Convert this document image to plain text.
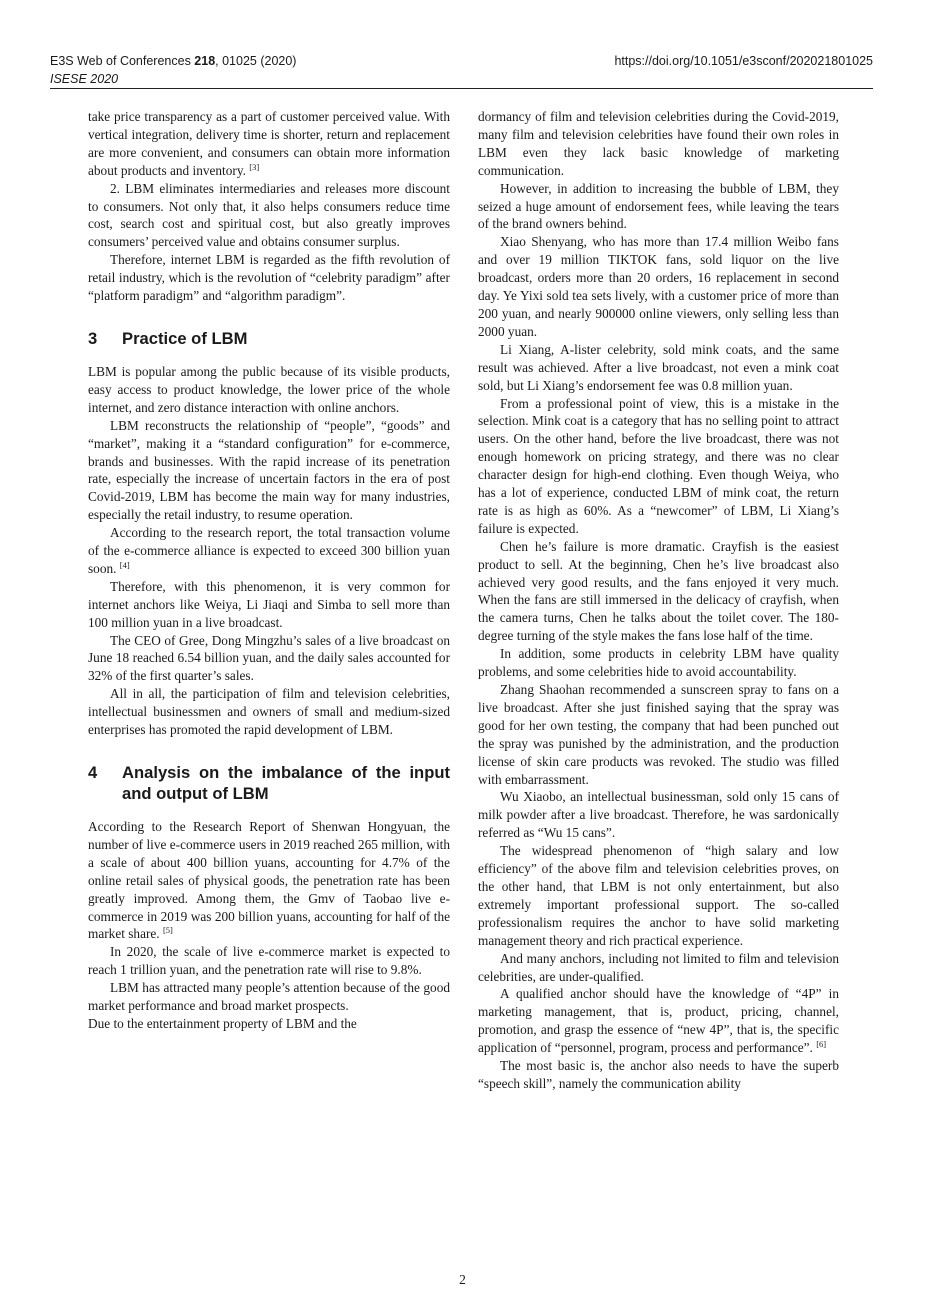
E3S Web of Conferences 218, 01025 (2020)
ISESE 2020
https://doi.org/10.1051/e3sconf/202021801025

take price transparency as a part of customer perceived value. With vertical integration, delivery time is shorter, return and replacement are more convenient, and consumers can obtain more information about products and inventory. [3]

2. LBM eliminates intermediaries and releases more discount to consumers. Not only that, it also helps consumers reduce time cost, search cost and spiritual cost, but also greatly improves consumers’ perceived value and obtains consumer surplus.

Therefore, internet LBM is regarded as the fifth revolution of retail industry, which is the revolution of “celebrity paradigm” after “platform paradigm” and “algorithm paradigm”.

3	Practice of LBM

LBM is popular among the public because of its visible products, easy access to product knowledge, the lower price of the whole internet, and zero distance interaction with online anchors.

LBM reconstructs the relationship of “people”, “goods” and “market”, making it a “standard configuration” for e-commerce, brands and businesses. With the rapid increase of its penetration rate, especially the increase of uncertain factors in the era of post Covid-2019, LBM has become the main way for many industries, especially the retail industry, to resume operation.

According to the research report, the total transaction volume of the e-commerce alliance is expected to exceed 300 billion yuan soon. [4]

Therefore, with this phenomenon, it is very common for internet anchors like Weiya, Li Jiaqi and Simba to sell more than 100 million yuan in a live broadcast.

The CEO of Gree, Dong Mingzhu’s sales of a live broadcast on June 18 reached 6.54 billion yuan, and the daily sales accounted for 32% of the first quarter’s sales.

All in all, the participation of film and television celebrities, intellectual businessmen and owners of small and medium-sized enterprises has promoted the rapid development of LBM.

4	Analysis on the imbalance of the input and output of LBM

According to the Research Report of Shenwan Hongyuan, the number of live e-commerce users in 2019 reached 265 million, with a scale of about 400 billion yuans, accounting for 4.7% of the online retail sales of physical goods, the penetration rate has been greatly improved. Among them, the Gmv of Taobao live e-commerce in 2019 was 200 billion yuans, accounting for half of the market share. [5]

In 2020, the scale of live e-commerce market is expected to reach 1 trillion yuan, and the penetration rate will rise to 9.8%.

LBM has attracted many people’s attention because of the good market performance and broad market prospects.

Due to the entertainment property of LBM and the

dormancy of film and television celebrities during the Covid-2019, many film and television celebrities have found their own roles in LBM even they lack basic knowledge of marketing communication.

However, in addition to increasing the bubble of LBM, they seized a huge amount of endorsement fees, while leaving the tears of the brand owners behind.

Xiao Shenyang, who has more than 17.4 million Weibo fans and over 19 million TIKTOK fans, sold liquor on the live broadcast, orders more than 20 orders, 16 replacement in second day. Ye Yixi sold tea sets lively, with a customer price of more than 200 yuan, and nearly 900000 online viewers, only selling less than 2000 yuan.

Li Xiang, A-lister celebrity, sold mink coats, and the same result was achieved. After a live broadcast, not even a mink coat sold, but Li Xiang’s endorsement fee was 0.8 million yuan.

From a professional point of view, this is a mistake in the selection. Mink coat is a category that has no selling point to attract users. On the other hand, before the live broadcast, there was not enough homework on pricing strategy, and there was no clear character design for high-end clothing. Even though Weiya, who has a lot of experience, conducted LBM of mink coat, the return rate is as high as 60%. As a “newcomer” of LBM, Li Xiang’s failure is expected.

Chen he’s failure is more dramatic. Crayfish is the easiest product to sell. At the beginning, Chen he’s live broadcast also achieved very good results, and the fans enjoyed it very much. When the fans are still immersed in the delicacy of crayfish, when the camera turns, Chen he talks about the toilet cover. The 180-degree turning of the style makes the fans lose half of the time.

In addition, some products in celebrity LBM have quality problems, and some celebrities hide to avoid accountability.

Zhang Shaohan recommended a sunscreen spray to fans on a live broadcast. After she just finished saying that the spray was good for her own testing, the company that had been punched out the spray was punished by the administration, and the production license of skin care products was revoked. The studio was filled with embarrassment.

Wu Xiaobo, an intellectual businessman, sold only 15 cans of milk powder after a live broadcast. Therefore, he was sardonically referred as “Wu 15 cans”.

The widespread phenomenon of “high salary and low efficiency” of the above film and television celebrities proves, on the other hand, that LBM is not only entertainment, but also extremely important professional support. The so-called professionalism requires the anchor to have solid marketing management theory and rich practical experience.

And many anchors, including not limited to film and television celebrities, are under-qualified.

A qualified anchor should have the knowledge of “4P” in marketing management, that is, product, pricing, channel, promotion, and grasp the essence of “new 4P”, that is, the specific application of “personnel, program, process and performance”. [6]

The most basic is, the anchor also needs to have the superb “speech skill”, namely the communication ability

2
